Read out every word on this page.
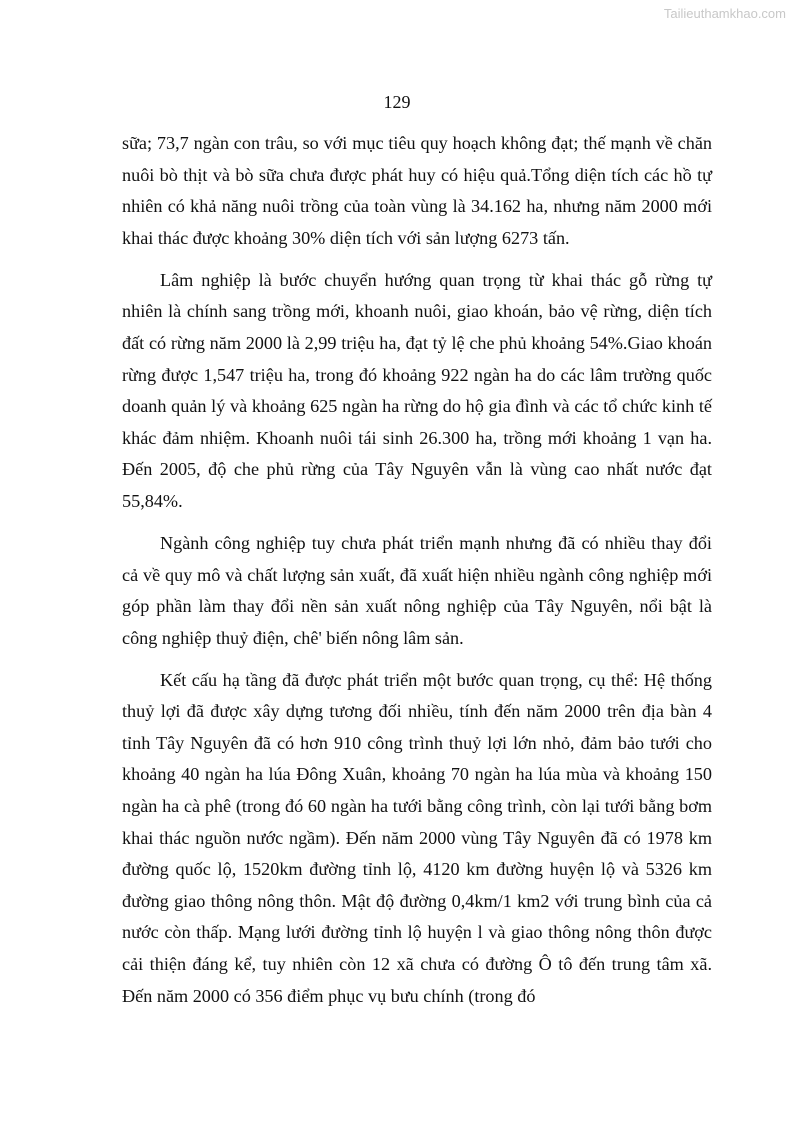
Tailieuthamkhao.com
129

sữa; 73,7 ngàn con trâu, so với mục tiêu quy hoạch không đạt; thế mạnh về chăn nuôi bò thịt và bò sữa chưa được phát huy có hiệu quả.Tổng diện tích các hồ tự nhiên có khả năng nuôi trồng của toàn vùng là 34.162 ha, nhưng năm 2000 mới khai thác được khoảng 30% diện tích với sản lượng 6273 tấn.

Lâm nghiệp là bước chuyển hướng quan trọng từ khai thác gỗ rừng tự nhiên là chính sang trồng mới, khoanh nuôi, giao khoán, bảo vệ rừng, diện tích đất có rừng năm 2000 là 2,99 triệu ha, đạt tỷ lệ che phủ khoảng 54%.Giao khoán rừng được 1,547 triệu ha, trong đó khoảng 922 ngàn ha do các lâm trường quốc doanh quản lý và khoảng 625 ngàn ha rừng do hộ gia đình và các tổ chức kinh tế khác đảm nhiệm. Khoanh nuôi tái sinh 26.300 ha, trồng mới khoảng 1 vạn ha. Đến 2005, độ che phủ rừng của Tây Nguyên vẫn là vùng cao nhất nước đạt 55,84%.

Ngành công nghiệp tuy chưa phát triển mạnh nhưng đã có nhiều thay đổi cả về quy mô và chất lượng sản xuất, đã xuất hiện nhiều ngành công nghiệp mới góp phần làm thay đổi nền sản xuất nông nghiệp của Tây Nguyên, nổi bật là công nghiệp thuỷ điện, chê' biến nông lâm sản.

Kết cấu hạ tầng đã được phát triển một bước quan trọng, cụ thể: Hệ thống thuỷ lợi đã được xây dựng tương đối nhiều, tính đến năm 2000 trên địa bàn 4 tỉnh Tây Nguyên đã có hơn 910 công trình thuỷ lợi lớn nhỏ, đảm bảo tưới cho khoảng 40 ngàn ha lúa Đông Xuân, khoảng 70 ngàn ha lúa mùa và khoảng 150 ngàn ha cà phê (trong đó 60 ngàn ha tưới bằng công trình, còn lại tưới bằng bơm khai thác nguồn nước ngầm). Đến năm 2000 vùng Tây Nguyên đã có 1978 km đường quốc lộ, 1520km đường tỉnh lộ, 4120 km đường huyện lộ và 5326 km đường giao thông nông thôn. Mật độ đường 0,4km/1 km2 với trung bình của cả nước còn thấp. Mạng lưới đường tỉnh lộ huyện l và giao thông nông thôn được cải thiện đáng kể, tuy nhiên còn 12 xã chưa có đường Ô tô đến trung tâm xã. Đến năm 2000 có 356 điểm phục vụ bưu chính (trong đó
